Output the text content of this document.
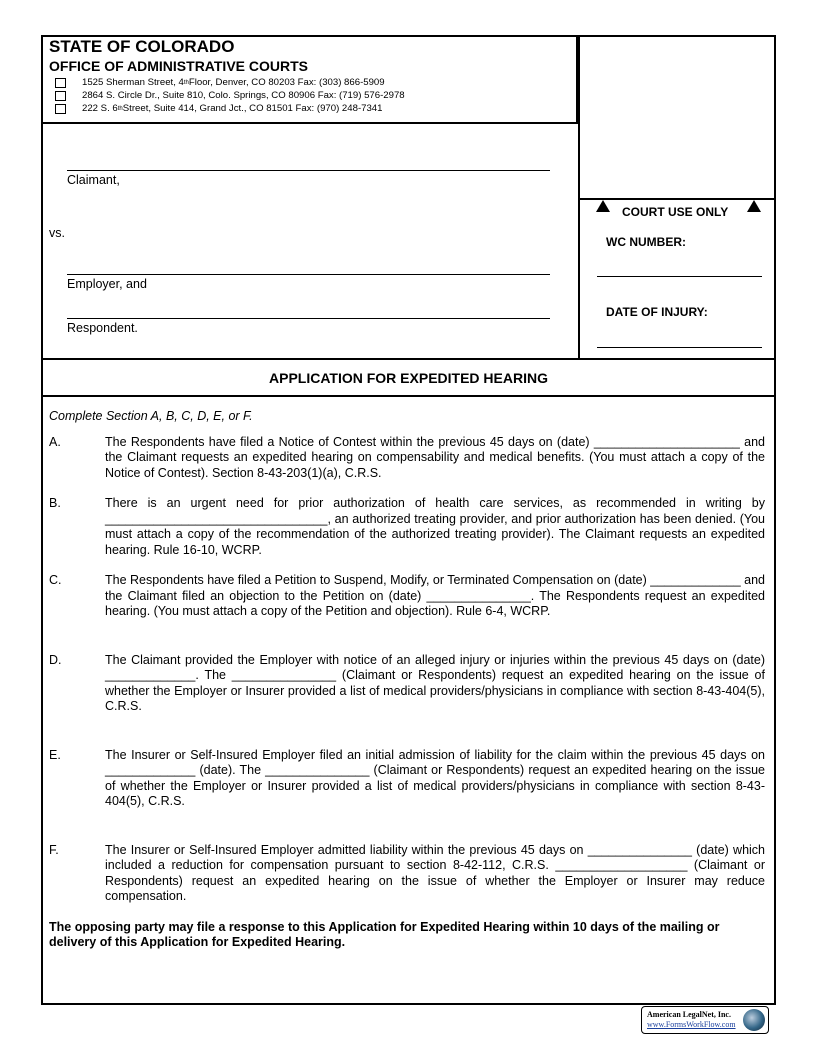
STATE OF COLORADO
OFFICE OF ADMINISTRATIVE COURTS
1525 Sherman Street, 4 th Floor, Denver, CO 80203 Fax: (303) 866-5909
2864 S. Circle Dr., Suite 810, Colo. Springs, CO 80906 Fax: (719) 576-2978
222 S. 6 th Street, Suite 414, Grand Jct., CO 81501 Fax: (970) 248-7341
Claimant,
vs.
Employer, and
Respondent.
COURT USE ONLY
WC NUMBER:
DATE OF INJURY:
APPLICATION FOR EXPEDITED HEARING
Complete Section A, B, C, D, E, or F.
A.	The Respondents have filed a Notice of Contest within the previous 45 days on (date) _____________________ and the Claimant requests an expedited hearing on compensability and medical benefits. (You must attach a copy of the Notice of Contest). Section 8-43-203(1)(a), C.R.S.
B.	There is an urgent need for prior authorization of health care services, as recommended in writing by ________________________________, an authorized treating provider, and prior authorization has been denied. (You must attach a copy of the recommendation of the authorized treating provider). The Claimant requests an expedited hearing. Rule 16-10, WCRP.
C.	The Respondents have filed a Petition to Suspend, Modify, or Terminated Compensation on (date) _____________ and the Claimant filed an objection to the Petition on (date) _______________. The Respondents request an expedited hearing. (You must attach a copy of the Petition and objection). Rule 6-4, WCRP.
D.	The Claimant provided the Employer with notice of an alleged injury or injuries within the previous 45 days on (date) _____________. The _______________ (Claimant or Respondents) request an expedited hearing on the issue of whether the Employer or Insurer provided a list of medical providers/physicians in compliance with section 8-43-404(5), C.R.S.
E.	The Insurer or Self-Insured Employer filed an initial admission of liability for the claim within the previous 45 days on _____________ (date). The _______________ (Claimant or Respondents) request an expedited hearing on the issue of whether the Employer or Insurer provided a list of medical providers/physicians in compliance with section 8-43-404(5), C.R.S.
F.	The Insurer or Self-Insured Employer admitted liability within the previous 45 days on _______________ (date) which included a reduction for compensation pursuant to section 8-42-112, C.R.S. ___________________ (Claimant or Respondents) request an expedited hearing on the issue of whether the Employer or Insurer may reduce compensation.
The opposing party may file a response to this Application for Expedited Hearing within 10 days of the mailing or delivery of this Application for Expedited Hearing.
American LegalNet, Inc.
www.FormsWorkFlow.com
